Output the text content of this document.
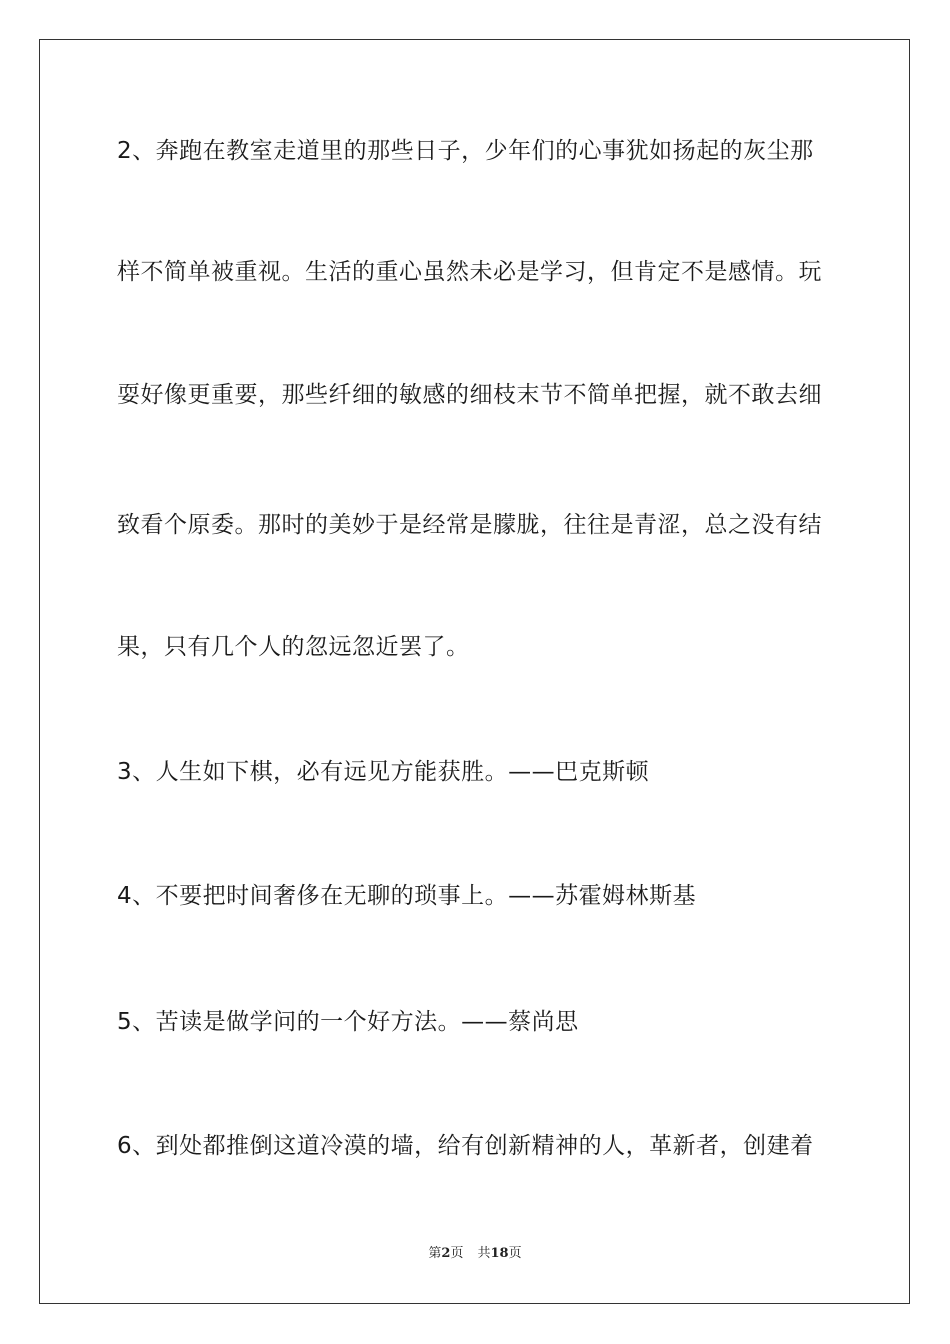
2、奔跑在教室走道里的那些日子，少年们的心事犹如扬起的灰尘那
样不简单被重视。生活的重心虽然未必是学习，但肯定不是感情。玩
耍好像更重要，那些纤细的敏感的细枝末节不简单把握，就不敢去细
致看个原委。那时的美妙于是经常是朦胧，往往是青涩，总之没有结
果，只有几个人的忽远忽近罢了。
3、人生如下棋，必有远见方能获胜。——巴克斯顿
4、不要把时间奢侈在无聊的琐事上。——苏霍姆林斯基
5、苦读是做学问的一个好方法。——蔡尚思
6、到处都推倒这道冷漠的墙，给有创新精神的人，革新者，创建着
第2页 共18页
